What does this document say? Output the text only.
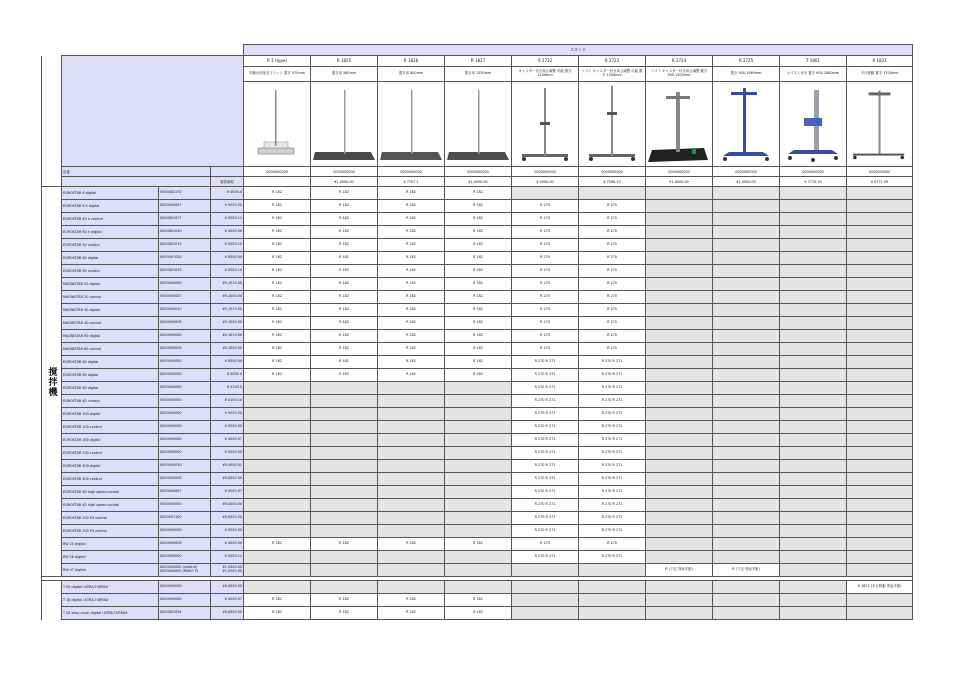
				スタンド									
				R 1 (type)	R 1825	R 1826	R 1827	R 2722	R 2723	R 2724	R 2725	T 1801	R 1821
				実験台用延長フラット 置き 570mm	置き用 580mm	置き用 800mm	置き用 1250mm	キャスター付き高さ調整 可能 置き 1200mm	リフト キャスター付き高さ調整 可能 置き 1500mm	リフト キャスター付き高さ調整 置き 900-1500mm	置き 900-1560mm	ホイスト付き 置き 900-1800mm	平行移動 置き 1700mm

	品番			0000000209	0000000000	0000000000	0000000000	0000000000	0000000000	0000000000	0000000000	0000000000	0000000000
			税抜価格		¥1,0000.00	¥ 7707.1	¥1,0000.00	¥ 0000.00	¥ 7096.13	¥1,0000.00	¥1,0000.00	¥ 7770.10	¥ 0771.09
撹拌機	EUROSTAR 6 digital	0000002170	¥ 0000.0	R 182	R 182	R 182	R 182						
	EUROSTAR 6 h digital	0000000007	¥ 0000.00	R 182	R 182	R 182	R 182	R 270	R 270				
	EUROSTAR 40 h control	0000001017	¥ 0000.11	R 182	R 182	R 182	R 182	R 270	R 270				
	EUROSTAR 60 h digital	0000001010	¥ 0000.00	R 182	R 182	R 182	R 182	R 270	R 270				
	EUROSTAR 20 control	0000001019	¥ 0000.10	R 182	R 182	R 182	R 182	R 270	R 270				
	EUROSTAR 60 digital	0000001020	¥ 0000.00	R 182	R 182	R 182	R 182	R 270	R 270				
	EUROSTAR 60 control	0000001019	¥ 0000.10	R 182	R 182	R 182	R 182	R 270	R 270				
	MAGNISTAR 20 digital	0000000000	¥0,1010.00	R 182	R 182	R 182	R 182	R 270	R 270				
	MAGNISTAR 20 control	0000000007	¥0,1000.00	R 182	R 182	R 182	R 182	R 270	R 270				
	MAGNISTAR 40 digital	0000000010	¥0,1010.00	R 182	R 182	R 182	R 182	R 270	R 270				
	MAGNISTAR 40 control	0000000009	¥0,1000.00	R 182	R 182	R 182	R 182	R 270	R 270				
	MAGNISTAR 60 digital	0000000000	¥0,1010.00	R 182	R 182	R 182	R 182	R 270	R 270				
	MAGNISTAR 60 control	0000000009	¥0,1000.00	R 182	R 182	R 182	R 182	R 270	R 270				
	EUROSTAR 60 digital	0000000000	¥ 0000.00	R 182	R 182	R 182	R 182	R 270 R 271	R 270 R 271				
	EUROSTAR 60 digital	0000000000	¥ 0000.0	R 182	R 182	R 182	R 182	R 270 R 271	R 270 R 271				
	EUROSTAR 60 digital	0000000000	¥ 0100.0					R 270 R 271	R 270 R 271				
	EUROSTAR 60 control	0000000000	¥ 0100.10					R 270 R 271	R 270 R 271				
	EUROSTAR 100 digital	0000000000	¥ 0000.00					R 270 R 271	R 270 R 271				
	EUROSTAR 100 control	0000000000	¥ 0000.00					R 270 R 271	R 270 R 271				
	EUROSTAR 200 digital	0000000000	¥ 0000.07					R 270 R 271	R 270 R 271				
	EUROSTAR 200 control	0000000000	¥ 0000.00					R 270 R 271	R 270 R 271				
	EUROSTAR 400 digital	0000000010	¥0,0000.01					R 270 R 271	R 270 R 271				
	EUROSTAR 400 control	0000000009	¥0,0000.00					R 270 R 271	R 270 R 271				
	EUROSTAR 60 high speed control	0000000007	¥ 0000.07					R 270 R 271	R 270 R 271				
	EUROSTAR 60 high speed control	0000000000	¥0,0000.00					R 270 R 271	R 270 R 271				
	EUROSTAR 200 P4 control	0000001100	¥0,0000.00					R 270 R 271	R 270 R 271				
	EUROSTAR 200 P4 control	0000000000	¥ 0000.00					R 270 R 271	R 270 R 271				
	RW 20 digital	0000000009	¥ 0000.00	R 182	R 182	R 182	R 182	R 270	R 270				
	RW 28 digital	0000000000	¥ 0000.11					R 270 R 271	R 270 R 271				
	RW 47 digital	0000000000 (control) 0000000000 (RW47 P)	¥1,0000.00 ¥1,0000.00							R (下記 別途手配)	R (下記 別途手配)		

	T 50 digital ULTRA-TURRAX	0000000000	¥0,0000.00										R 1821 (平行移動 別途手配)
	T 18 digital ULTRA-TURRAX	0000000000	¥ 0000.07	R 182	R 182	R 182	R 182						
	T 25 easy clean digital ULTRA-TURRAX	0000001004	¥0,0000.00	R 182	R 182	R 182	R 182						
